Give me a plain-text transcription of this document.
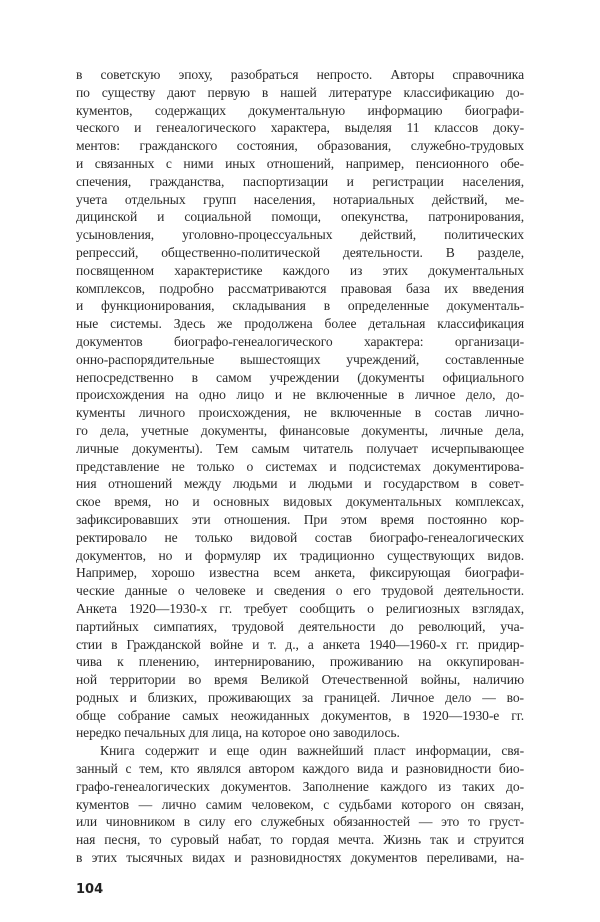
в советскую эпоху, разобраться непросто. Авторы справочника
по существу дают первую в нашей литературе классификацию до-
кументов, содержащих документальную информацию биографи-
ческого и генеалогического характера, выделяя 11 классов доку-
ментов: гражданского состояния, образования, служебно-трудовых
и связанных с ними иных отношений, например, пенсионного обе-
спечения, гражданства, паспортизации и регистрации населения,
учета отдельных групп населения, нотариальных действий, ме-
дицинской и социальной помощи, опекунства, патронирования,
усыновления, уголовно-процессуальных действий, политических
репрессий, общественно-политической деятельности. В разделе,
посвященном характеристике каждого из этих документальных
комплексов, подробно рассматриваются правовая база их введения
и функционирования, складывания в определенные документаль-
ные системы. Здесь же продолжена более детальная классификация
документов биографо-генеалогического характера: организаци-
онно-распорядительные вышестоящих учреждений, составленные
непосредственно в самом учреждении (документы официального
происхождения на одно лицо и не включенные в личное дело, до-
кументы личного происхождения, не включенные в состав лично-
го дела, учетные документы, финансовые документы, личные дела,
личные документы). Тем самым читатель получает исчерпывающее
представление не только о системах и подсистемах документирова-
ния отношений между людьми и людьми и государством в совет-
ское время, но и основных видовых документальных комплексах,
зафиксировавших эти отношения. При этом время постоянно кор-
ректировало не только видовой состав биографо-генеалогических
документов, но и формуляр их традиционно существующих видов.
Например, хорошо известна всем анкета, фиксирующая биографи-
ческие данные о человеке и сведения о его трудовой деятельности.
Анкета 1920—1930-х гг. требует сообщить о религиозных взглядах,
партийных симпатиях, трудовой деятельности до революций, уча-
стии в Гражданской войне и т. д., а анкета 1940—1960-х гг. придир-
чива к пленению, интернированию, проживанию на оккупирован-
ной территории во время Великой Отечественной войны, наличию
родных и близких, проживающих за границей. Личное дело — во-
обще собрание самых неожиданных документов, в 1920—1930-е гг.
нередко печальных для лица, на которое оно заводилось.
Книга содержит и еще один важнейший пласт информации, свя-
занный с тем, кто являлся автором каждого вида и разновидности био-
графо-генеалогических документов. Заполнение каждого из таких до-
кументов — лично самим человеком, с судьбами которого он связан,
или чиновником в силу его служебных обязанностей — это то груст-
ная песня, то суровый набат, то гордая мечта. Жизнь так и струится
в этих тысячных видах и разновидностях документов переливами, на-
104
